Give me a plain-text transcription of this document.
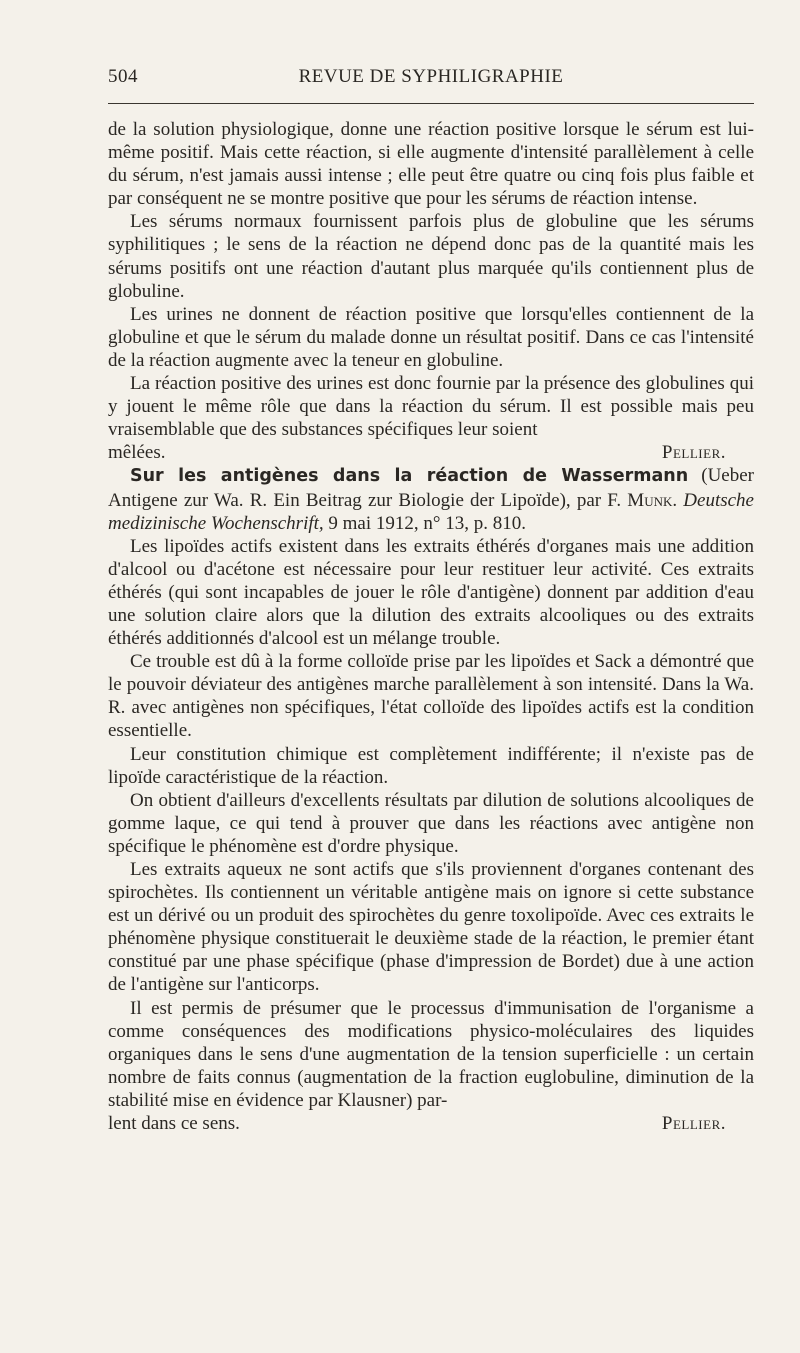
504	REVUE DE SYPHILIGRAPHIE

de la solution physiologique, donne une réaction positive lorsque le sérum est lui-même positif. Mais cette réaction, si elle augmente d'intensité parallèlement à celle du sérum, n'est jamais aussi intense ; elle peut être quatre ou cinq fois plus faible et par conséquent ne se montre positive que pour les sérums de réaction intense.

Les sérums normaux fournissent parfois plus de globuline que les sérums syphilitiques ; le sens de la réaction ne dépend donc pas de la quantité mais les sérums positifs ont une réaction d'autant plus marquée qu'ils contiennent plus de globuline.

Les urines ne donnent de réaction positive que lorsqu'elles contiennent de la globuline et que le sérum du malade donne un résultat positif. Dans ce cas l'intensité de la réaction augmente avec la teneur en globuline.

La réaction positive des urines est donc fournie par la présence des globulines qui y jouent le même rôle que dans la réaction du sérum. Il est possible mais peu vraisemblable que des substances spécifiques leur soient

mêlées.	Pellier.

Sur les antigènes dans la réaction de Wassermann (Ueber Antigene zur Wa. R. Ein Beitrag zur Biologie der Lipoïde), par F. Munk. Deutsche medizinische Wochenschrift, 9 mai 1912, n° 13, p. 810.

Les lipoïdes actifs existent dans les extraits éthérés d'organes mais une addition d'alcool ou d'acétone est nécessaire pour leur restituer leur activité. Ces extraits éthérés (qui sont incapables de jouer le rôle d'antigène) donnent par addition d'eau une solution claire alors que la dilution des extraits alcooliques ou des extraits éthérés additionnés d'alcool est un mélange trouble.

Ce trouble est dû à la forme colloïde prise par les lipoïdes et Sack a démontré que le pouvoir déviateur des antigènes marche parallèlement à son intensité. Dans la Wa. R. avec antigènes non spécifiques, l'état colloïde des lipoïdes actifs est la condition essentielle.

Leur constitution chimique est complètement indifférente; il n'existe pas de lipoïde caractéristique de la réaction.

On obtient d'ailleurs d'excellents résultats par dilution de solutions alcooliques de gomme laque, ce qui tend à prouver que dans les réactions avec antigène non spécifique le phénomène est d'ordre physique.

Les extraits aqueux ne sont actifs que s'ils proviennent d'organes contenant des spirochètes. Ils contiennent un véritable antigène mais on ignore si cette substance est un dérivé ou un produit des spirochètes du genre toxolipoïde. Avec ces extraits le phénomène physique constituerait le deuxième stade de la réaction, le premier étant constitué par une phase spécifique (phase d'impression de Bordet) due à une action de l'antigène sur l'anticorps.

Il est permis de présumer que le processus d'immunisation de l'organisme a comme conséquences des modifications physico-moléculaires des liquides organiques dans le sens d'une augmentation de la tension superficielle : un certain nombre de faits connus (augmentation de la fraction euglobuline, diminution de la stabilité mise en évidence par Klausner) par-

lent dans ce sens.	Pellier.
